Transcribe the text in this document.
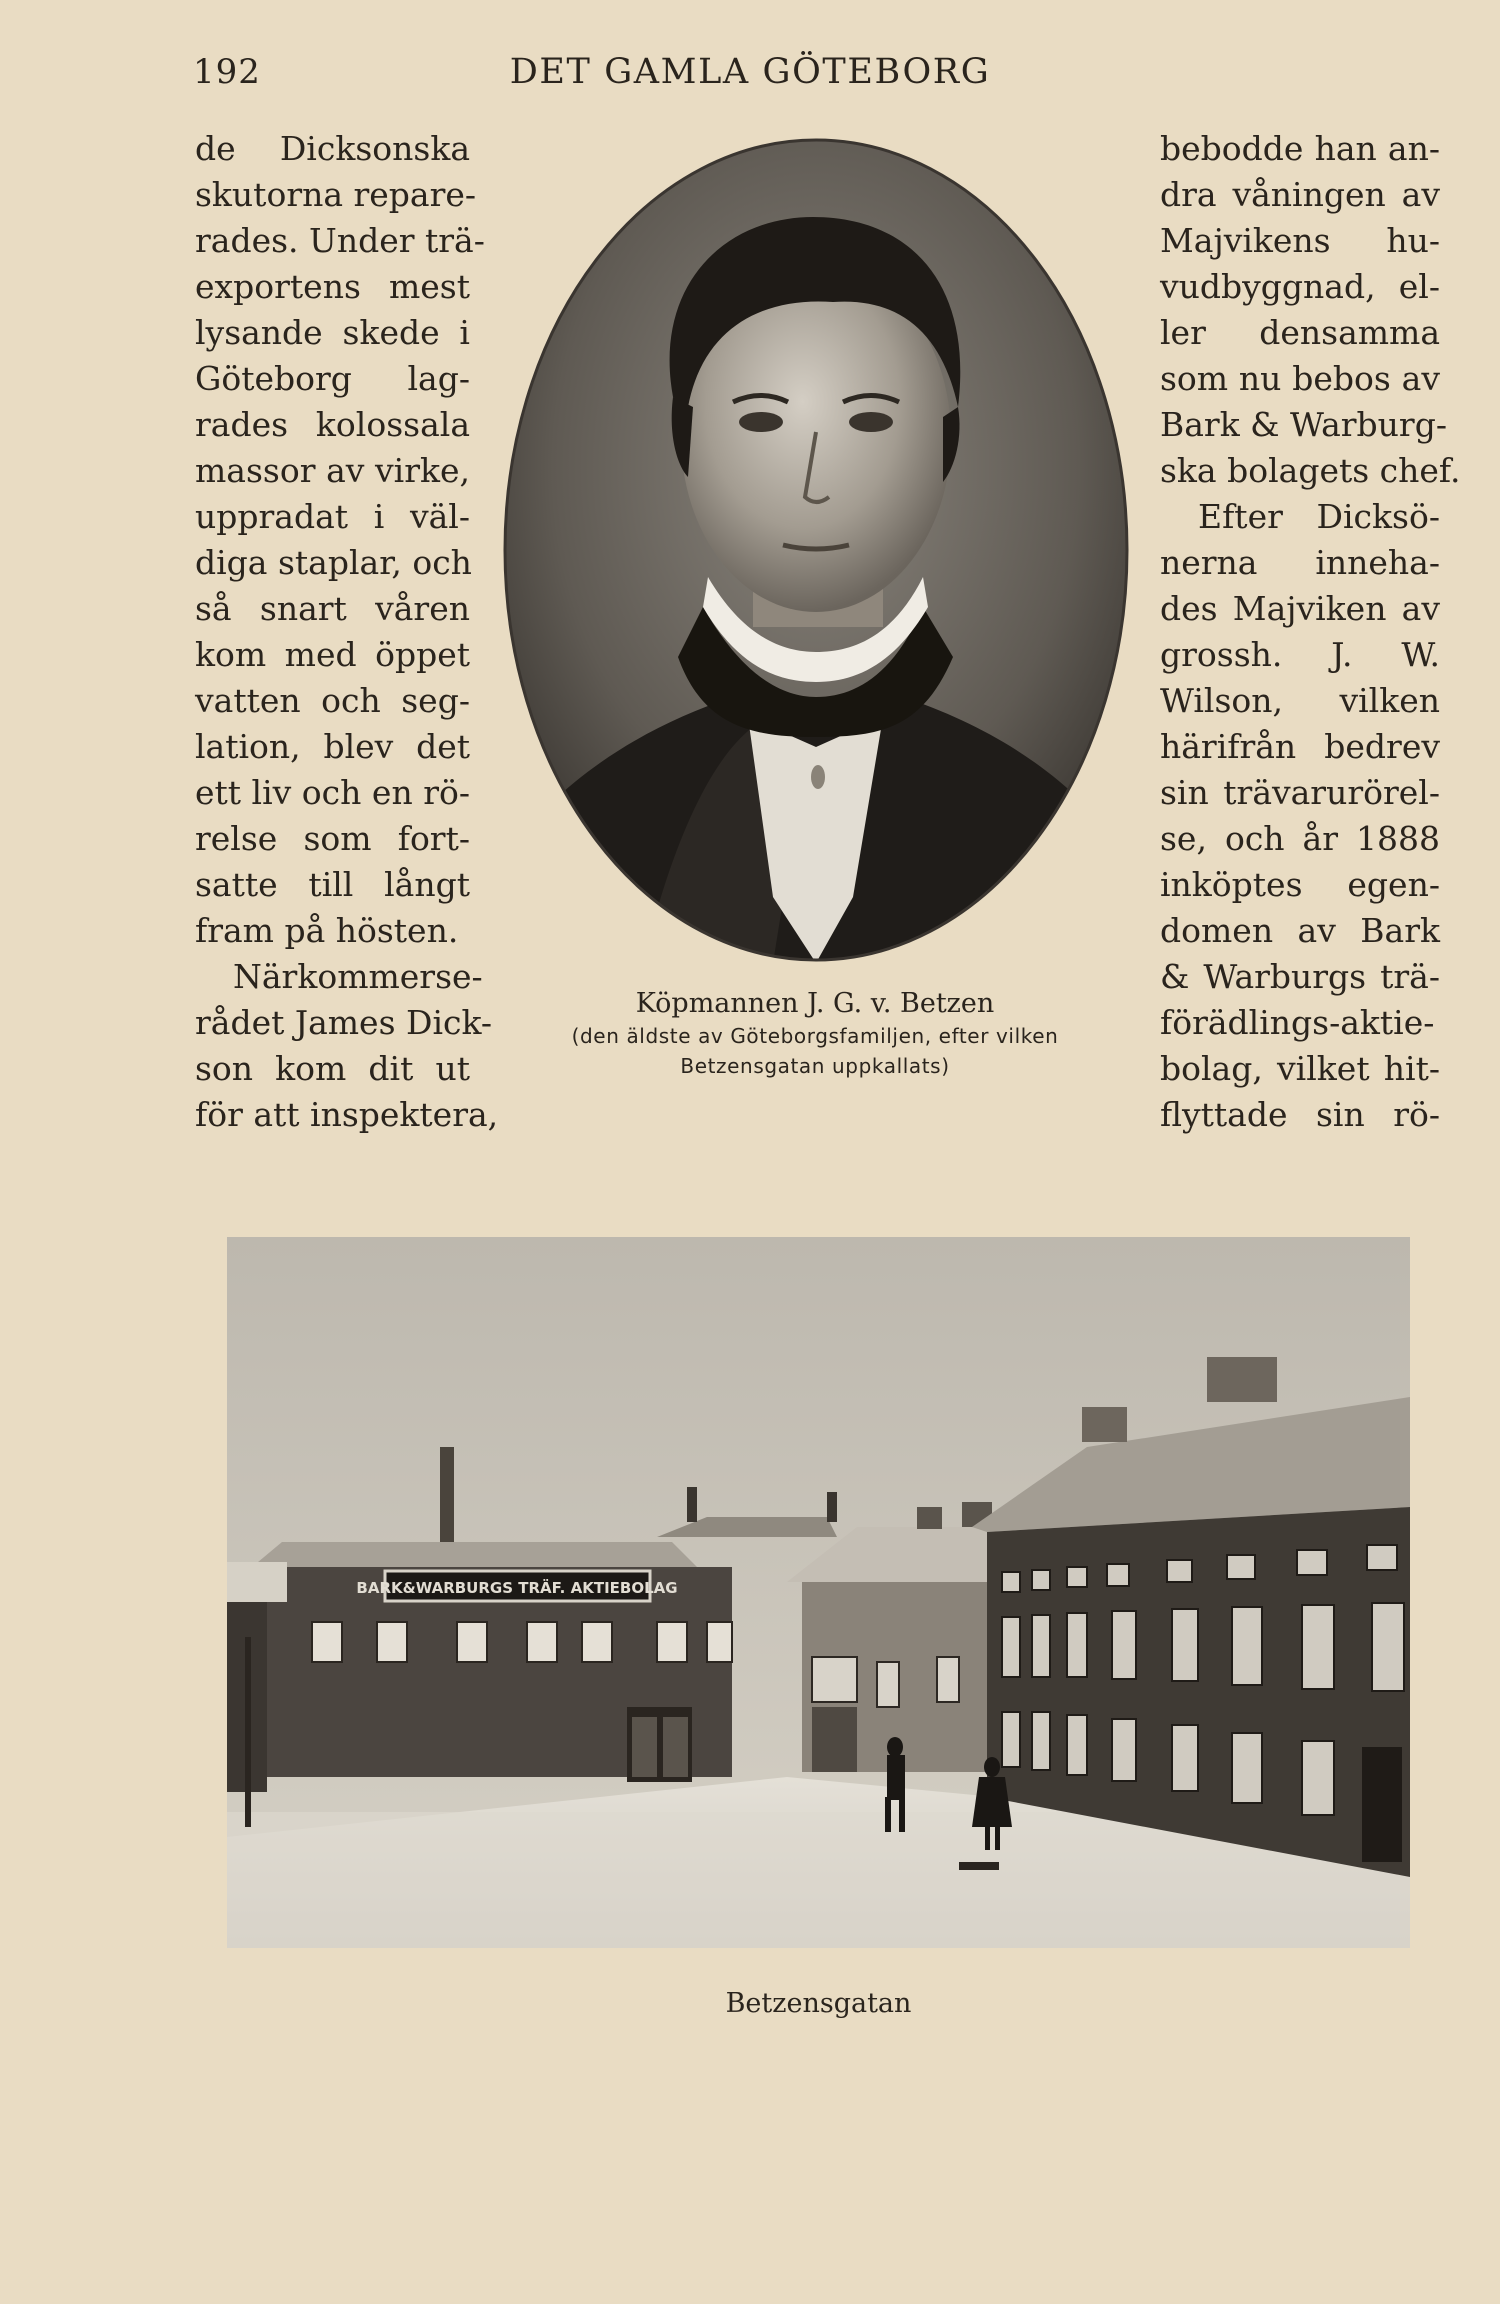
192	DET GAMLA GÖTEBORG
de Dicksonska
skutorna repare-
rades. Under trä-
exportens mest
lysande skede i
Göteborg lag-
rades kolossala
massor av virke,
uppradat i väl-
diga staplar, och
så snart våren
kom med öppet
vatten och seg-
lation, blev det
ett liv och en rö-
relse som fort-
satte till långt
fram på hösten.
Närkommerse-
rådet James Dick-
son kom dit ut
för att inspektera,
bebodde han an-
dra våningen av
Majvikens hu-
vudbyggnad, el-
ler densamma
som nu bebos av
Bark & Warburg-
ska bolagets chef.
Efter Dicksö-
nerna inneha-
des Majviken av
grossh. J. W.
Wilson, vilken
härifrån bedrev
sin trävarurörel-
se, och år 1888
inköptes egen-
domen av Bark
& Warburgs trä-
förädlings-aktie-
bolag, vilket hit-
flyttade sin rö-
Köpmannen J. G. v. Betzen
(den äldste av Göteborgsfamiljen, efter vilken
Betzensgatan uppkallats)
BARK&WARBURGS TRÄF. AKTIEBOLAG
Betzensgatan
